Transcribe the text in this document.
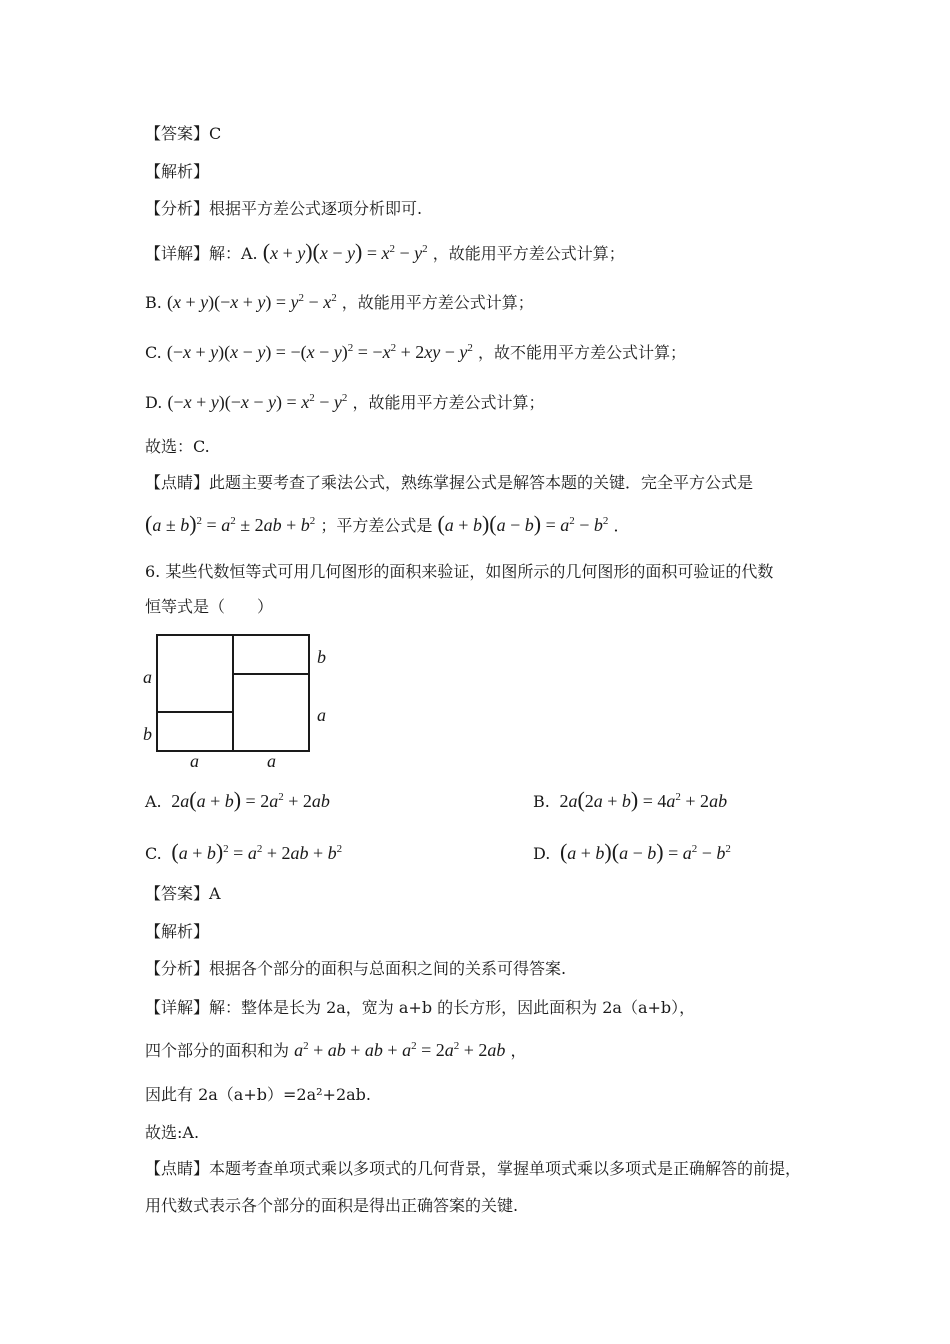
【答案】C
【解析】
【分析】根据平方差公式逐项分析即可.
【详解】解：A. $(x + y)(x - y) = x^2 - y^2$ ，故能用平方差公式计算；
B. $(x + y)(-x + y) = y^2 - x^2$ ，故能用平方差公式计算；
C. $(-x + y)(x - y) = -(x - y)^2 = -x^2 + 2xy - y^2$ ，故不能用平方差公式计算；
D. $(-x + y)(-x - y) = x^2 - y^2$ ，故能用平方差公式计算；
故选：C.
【点睛】此题主要考查了乘法公式，熟练掌握公式是解答本题的关键．完全平方公式是
$(a \pm b)^2 = a^2 \pm 2ab + b^2$ ；平方差公式是 $(a + b)(a - b) = a^2 - b^2$ ．
6. 某些代数恒等式可用几何图形的面积来验证，如图所示的几何图形的面积可验证的代数
恒等式是（　　）
a
b
b
a
a	a
A.  $2a(a + b) = 2a^2 + 2ab$	B.  $2a(2a + b) = 4a^2 + 2ab$
C. $(a + b)^2 = a^2 + 2ab + b^2$	D. $(a + b)(a - b) = a^2 - b^2$
【答案】A
【解析】
【分析】根据各个部分的面积与总面积之间的关系可得答案.
【详解】解：整体是长为 2a，宽为 a+b 的长方形，因此面积为 2a（a+b），
四个部分的面积和为 $a^2$ + ab + ab + $a^2 = 2a^2 + 2ab$ ，
因此有 2a（a+b）=2a²+2ab.
故选:A.
【点睛】本题考查单项式乘以多项式的几何背景，掌握单项式乘以多项式是正确解答的前提，
用代数式表示各个部分的面积是得出正确答案的关键.
